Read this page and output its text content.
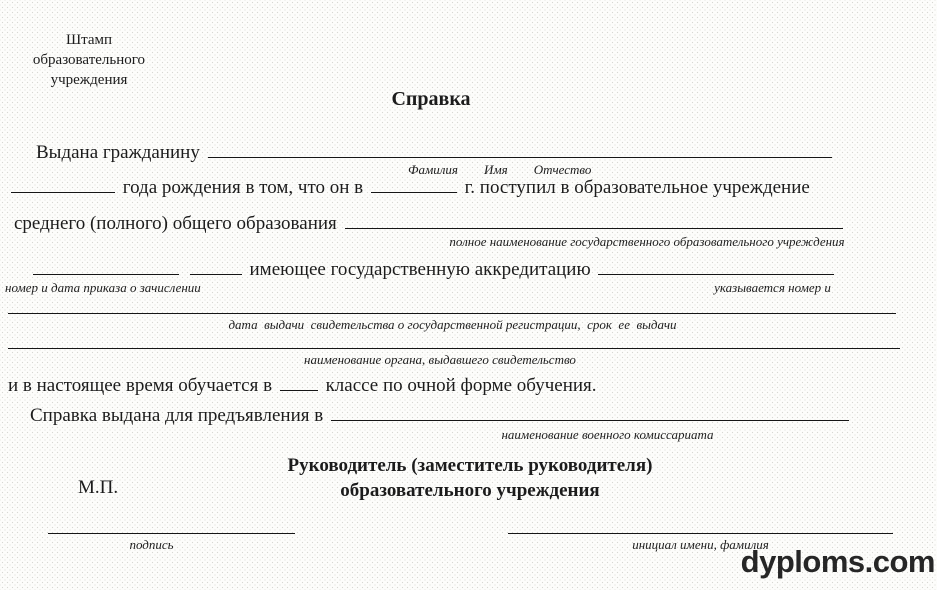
Штамп
образовательного
учреждения
Справка
Выдана гражданину
Фамилия        Имя        Отчество
года рождения в том, что он в	г. поступил в образовательное учреждение
среднего (полного) общего образования
полное наименование государственного образовательного учреждения
имеющее государственную аккредитацию
номер и дата приказа о зачислении	указывается номер и
дата  выдачи  свидетельства о государственной регистрации,  срок  ее  выдачи
наименование органа, выдавшего свидетельство
и в настоящее время обучается в	классе по очной форме обучения.
Справка выдана для предъявления в
наименование военного комиссариата
Руководитель (заместитель руководителя)
образовательного учреждения
М.П.
подпись	инициал имени, фамилия
dyploms.com
